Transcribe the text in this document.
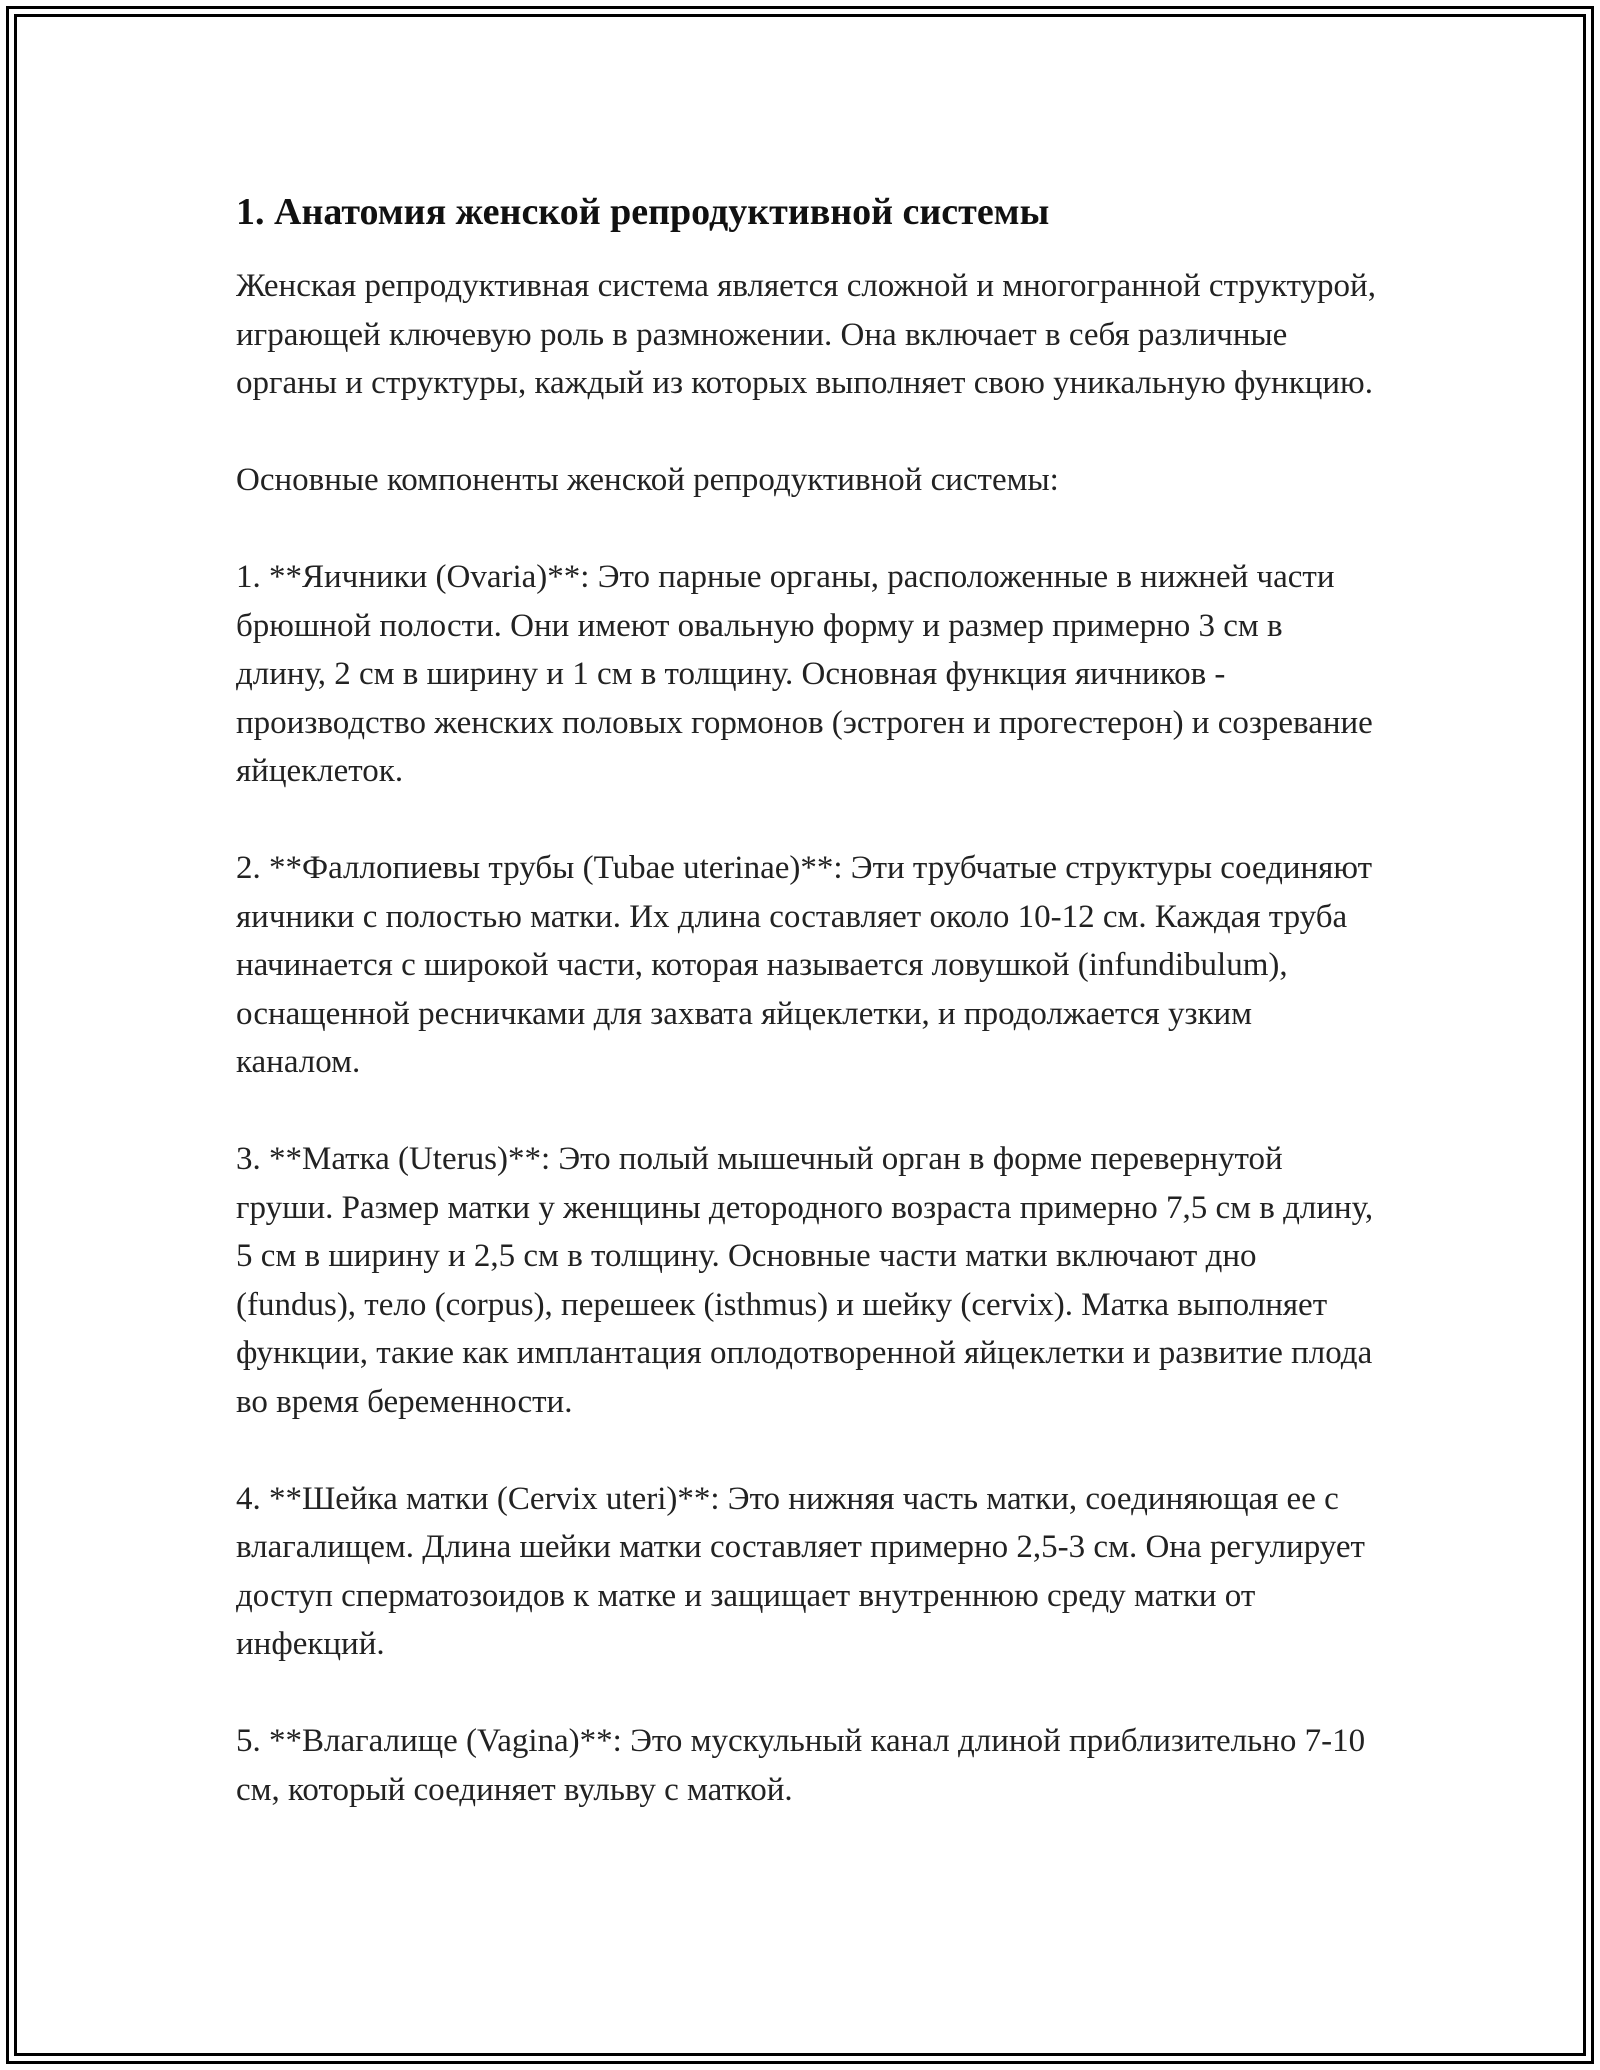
1. Анатомия женской репродуктивной системы

Женская репродуктивная система является сложной и многогранной структурой, играющей ключевую роль в размножении. Она включает в себя различные органы и структуры, каждый из которых выполняет свою уникальную функцию.

Основные компоненты женской репродуктивной системы:

1. **Яичники (Ovaria)**: Это парные органы, расположенные в нижней части брюшной полости. Они имеют овальную форму и размер примерно 3 см в длину, 2 см в ширину и 1 см в толщину. Основная функция яичников - производство женских половых гормонов (эстроген и прогестерон) и созревание яйцеклеток.

2. **Фаллопиевы трубы (Tubae uterinae)**: Эти трубчатые структуры соединяют яичники с полостью матки. Их длина составляет около 10-12 см. Каждая труба начинается с широкой части, которая называется ловушкой (infundibulum), оснащенной ресничками для захвата яйцеклетки, и продолжается узким каналом.

3. **Матка (Uterus)**: Это полый мышечный орган в форме перевернутой груши. Размер матки у женщины детородного возраста примерно 7,5 см в длину, 5 см в ширину и 2,5 см в толщину. Основные части матки включают дно (fundus), тело (corpus), перешеек (isthmus) и шейку (cervix). Матка выполняет функции, такие как имплантация оплодотворенной яйцеклетки и развитие плода во время беременности.

4. **Шейка матки (Cervix uteri)**: Это нижняя часть матки, соединяющая ее с влагалищем. Длина шейки матки составляет примерно 2,5-3 см. Она регулирует доступ сперматозоидов к матке и защищает внутреннюю среду матки от инфекций.

5. **Влагалище (Vagina)**: Это мускульный канал длиной приблизительно 7-10 см, который соединяет вульву с маткой.
